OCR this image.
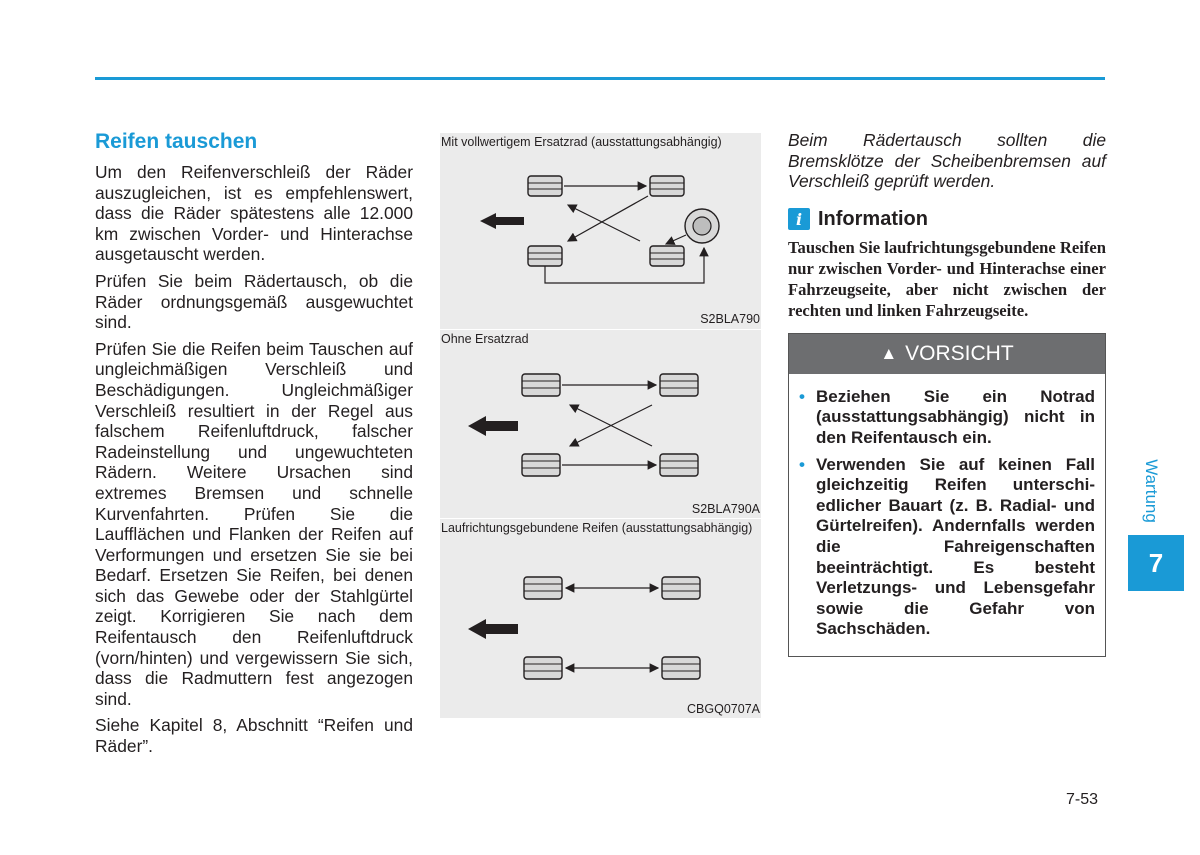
Reifen tauschen

Um den Reifenverschleiß der Räder auszugleichen, ist es empfehlenswert, dass die Räder spätestens alle 12.000 km zwischen Vorder- und Hinterachse ausgetauscht werden.

Prüfen Sie beim Rädertausch, ob die Räder ordnungsgemäß ausgewuchtet sind.

Prüfen Sie die Reifen beim Tauschen auf ungleichmäßigen Verschleiß und Beschädigungen. Ungleichmäßiger Verschleiß resultiert in der Regel aus falschem Reifenluftdruck, falscher Radeinstellung und ungewuchteten Rädern. Weitere Ursachen sind extremes Bremsen und schnelle Kurvenfahrten. Prüfen Sie die Laufflächen und Flanken der Reifen auf Verformungen und ersetzen Sie sie bei Bedarf. Ersetzen Sie Reifen, bei denen sich das Gewebe oder der Stahlgürtel zeigt. Korrigieren Sie nach dem Reifentausch den Reifenluftdruck (vorn/hinten) und vergewissern Sie sich, dass die Radmuttern fest angezogen sind.

Siehe Kapitel 8, Abschnitt “Reifen und Räder”.

Mit vollwertigem Ersatzrad (ausstattungsabhängig)
S2BLA790
Ohne Ersatzrad
S2BLA790A
Laufrichtungsgebundene Reifen (ausstattungsabhängig)
CBGQ0707A

Beim Rädertausch sollten die Bremsklötze der Scheibenbremsen auf Verschleiß geprüft werden.

i Information

Tauschen Sie laufrichtungsgebundene Reifen nur zwischen Vorder- und Hinterachse einer Fahrzeugseite, aber nicht zwischen der rechten und linken Fahrzeugseite.

▲ VORSICHT
• Beziehen Sie ein Notrad (ausstattungsabhängig) nicht in den Reifentausch ein.
• Verwenden Sie auf keinen Fall gleichzeitig Reifen unterschiedlicher Bauart (z. B. Radial- und Gürtelreifen). Andernfalls werden die Fahreigenschaften beeinträchtigt. Es besteht Verletzungs- und Lebensgefahr sowie die Gefahr von Sachschäden.
Wartung
7
7-53
